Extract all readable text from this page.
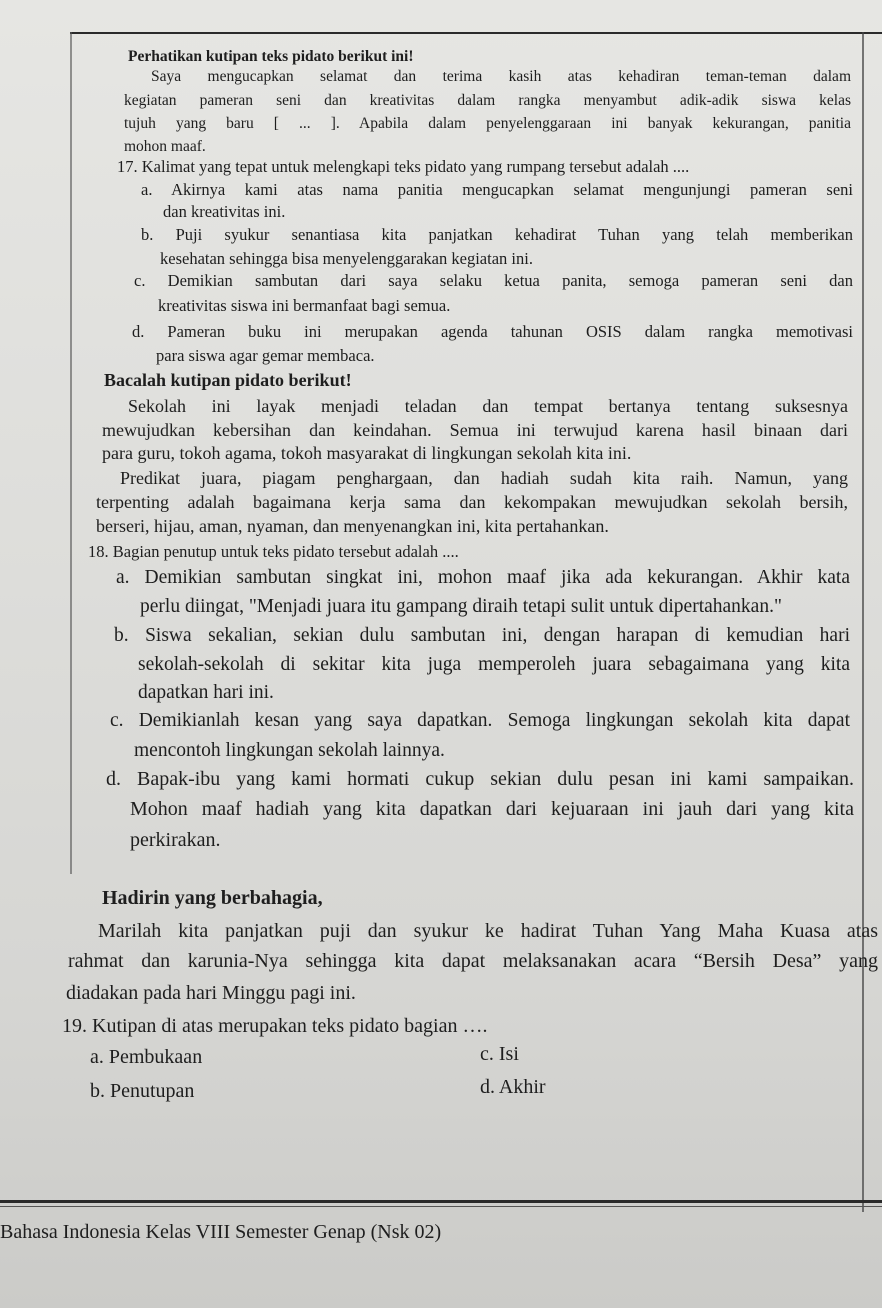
Perhatikan kutipan teks pidato berikut ini!
Saya mengucapkan selamat dan terima kasih atas kehadiran teman-teman dalam
kegiatan pameran seni dan kreativitas dalam rangka menyambut adik-adik siswa kelas
tujuh yang baru [ ... ]. Apabila dalam penyelenggaraan ini banyak kekurangan, panitia
mohon maaf.
17. Kalimat yang tepat untuk melengkapi teks pidato yang rumpang tersebut adalah ....
a. Akirnya kami atas nama panitia mengucapkan selamat mengunjungi pameran seni
dan kreativitas ini.
b. Puji syukur senantiasa kita panjatkan kehadirat Tuhan yang telah memberikan
kesehatan sehingga bisa menyelenggarakan kegiatan ini.
c. Demikian sambutan dari saya selaku ketua panita, semoga pameran seni dan
kreativitas siswa ini bermanfaat bagi semua.
d. Pameran buku ini merupakan agenda tahunan OSIS dalam rangka memotivasi
para siswa agar gemar membaca.
Bacalah kutipan pidato berikut!
Sekolah ini layak menjadi teladan dan tempat bertanya tentang suksesnya
mewujudkan kebersihan dan keindahan. Semua ini terwujud karena hasil binaan dari
para guru, tokoh agama, tokoh masyarakat di lingkungan sekolah kita ini.
Predikat juara, piagam penghargaan, dan hadiah sudah kita raih. Namun, yang
terpenting adalah bagaimana kerja sama dan kekompakan mewujudkan sekolah bersih,
berseri, hijau, aman, nyaman, dan menyenangkan ini, kita pertahankan.
18. Bagian penutup untuk teks pidato tersebut adalah ....
a. Demikian sambutan singkat ini, mohon maaf jika ada kekurangan. Akhir kata
perlu diingat, "Menjadi juara itu gampang diraih tetapi sulit untuk dipertahankan."
b. Siswa sekalian, sekian dulu sambutan ini, dengan harapan di kemudian hari
sekolah-sekolah di sekitar kita juga memperoleh juara sebagaimana yang kita
dapatkan hari ini.
c. Demikianlah kesan yang saya dapatkan. Semoga lingkungan sekolah kita dapat
mencontoh lingkungan sekolah lainnya.
d. Bapak-ibu yang kami hormati cukup sekian dulu pesan ini kami sampaikan.
Mohon maaf hadiah yang kita dapatkan dari kejuaraan ini jauh dari yang kita
perkirakan.
Hadirin yang berbahagia,
Marilah kita panjatkan puji dan syukur ke hadirat Tuhan Yang Maha Kuasa atas
rahmat dan karunia-Nya sehingga kita dapat melaksanakan acara “Bersih Desa” yang
diadakan pada hari Minggu pagi ini.
19. Kutipan di atas merupakan teks pidato bagian ….
a. Pembukaan	c. Isi
b. Penutupan	d. Akhir
Bahasa Indonesia Kelas VIII Semester Genap (Nsk 02)
